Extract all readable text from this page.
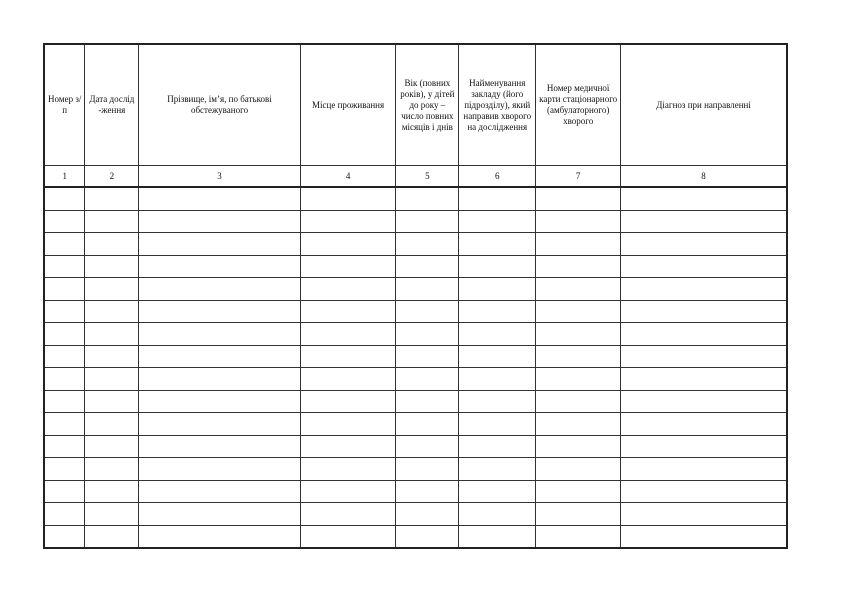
Номер з/п	Дата дослід -ження	Прізвище, ім’я, по батькові обстежуваного	Місце проживання	Вік (повних років), у дітей до року – число повних місяців і днів	Найменування закладу (його підрозділу), який направив хворого на дослідження	Номер медичної карти стаціонарного (амбулаторного) хворого	Діагноз при направленні

1	2	3	4	5	6	7	8
